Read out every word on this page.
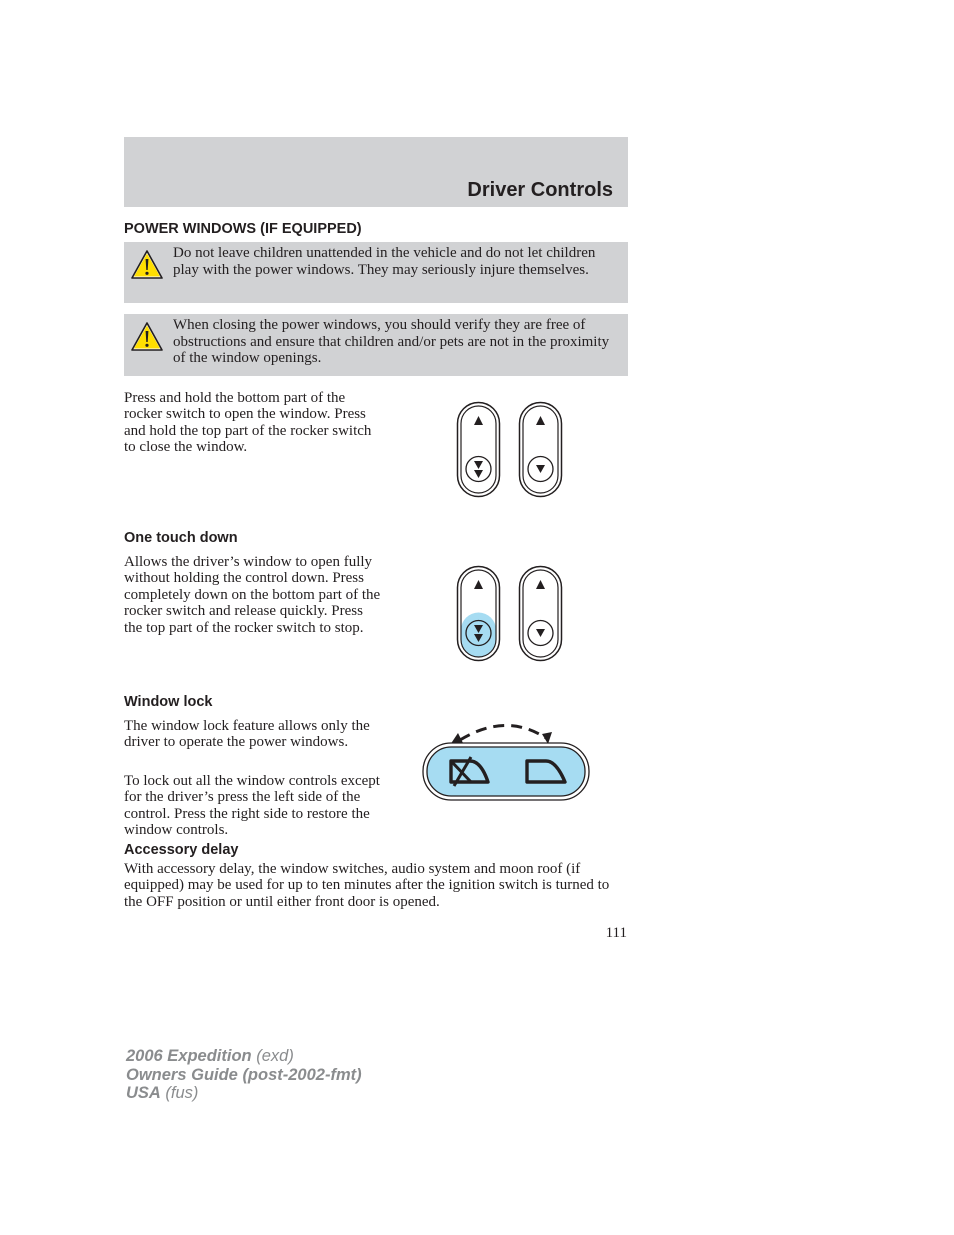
Driver Controls
POWER WINDOWS (IF EQUIPPED)

Do not leave children unattended in the vehicle and do not let children play with the power windows. They may seriously injure themselves.

When closing the power windows, you should verify they are free of obstructions and ensure that children and/or pets are not in the proximity of the window openings.

Press and hold the bottom part of the rocker switch to open the window. Press and hold the top part of the rocker switch to close the window.

One touch down

Allows the driver’s window to open fully without holding the control down. Press completely down on the bottom part of the rocker switch and release quickly. Press the top part of the rocker switch to stop.

Window lock

The window lock feature allows only the driver to operate the power windows.

To lock out all the window controls except for the driver’s press the left side of the control. Press the right side to restore the window controls.

Accessory delay

With accessory delay, the window switches, audio system and moon roof (if equipped) may be used for up to ten minutes after the ignition switch is turned to the OFF position or until either front door is opened.

111
2006 Expedition (exd)
Owners Guide (post-2002-fmt)
USA (fus)
